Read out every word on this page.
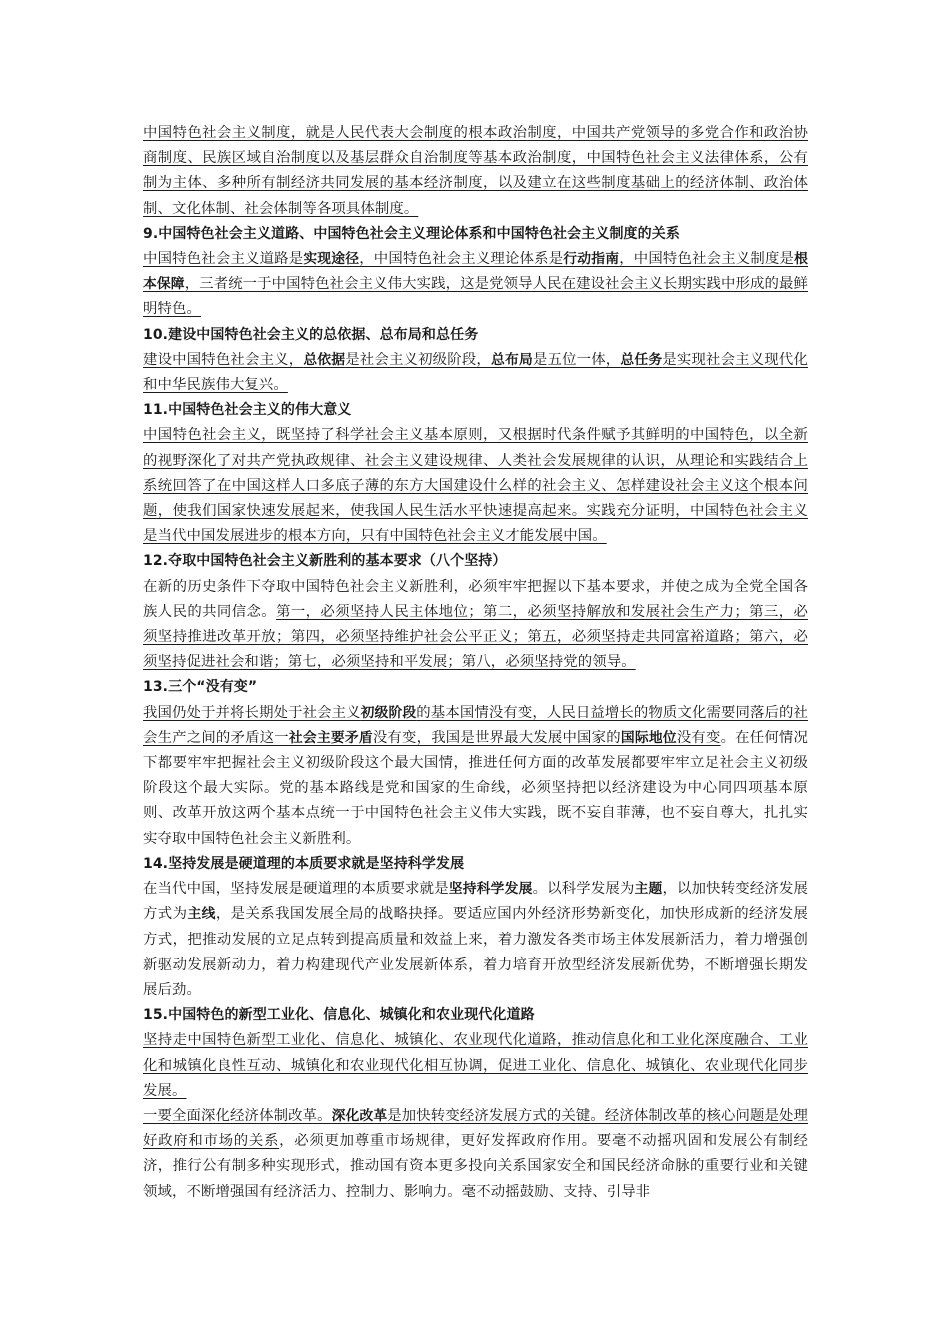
中国特色社会主义制度，就是人民代表大会制度的根本政治制度，中国共产党领导的多党合作和政治协商制度、民族区域自治制度以及基层群众自治制度等基本政治制度，中国特色社会主义法律体系，公有制为主体、多种所有制经济共同发展的基本经济制度，以及建立在这些制度基础上的经济体制、政治体制、文化体制、社会体制等各项具体制度。

9.中国特色社会主义道路、中国特色社会主义理论体系和中国特色社会主义制度的关系

中国特色社会主义道路是实现途径，中国特色社会主义理论体系是行动指南，中国特色社会主义制度是根本保障，三者统一于中国特色社会主义伟大实践，这是党领导人民在建设社会主义长期实践中形成的最鲜明特色。

10.建设中国特色社会主义的总依据、总布局和总任务

建设中国特色社会主义，总依据是社会主义初级阶段，总布局是五位一体，总任务是实现社会主义现代化和中华民族伟大复兴。

11.中国特色社会主义的伟大意义

中国特色社会主义，既坚持了科学社会主义基本原则，又根据时代条件赋予其鲜明的中国特色，以全新的视野深化了对共产党执政规律、社会主义建设规律、人类社会发展规律的认识，从理论和实践结合上系统回答了在中国这样人口多底子薄的东方大国建设什么样的社会主义、怎样建设社会主义这个根本问题，使我们国家快速发展起来，使我国人民生活水平快速提高起来。实践充分证明，中国特色社会主义是当代中国发展进步的根本方向，只有中国特色社会主义才能发展中国。

12.夺取中国特色社会主义新胜利的基本要求（八个坚持）

在新的历史条件下夺取中国特色社会主义新胜利，必须牢牢把握以下基本要求，并使之成为全党全国各族人民的共同信念。第一，必须坚持人民主体地位；第二，必须坚持解放和发展社会生产力；第三，必须坚持推进改革开放；第四，必须坚持维护社会公平正义；第五，必须坚持走共同富裕道路；第六，必须坚持促进社会和谐；第七，必须坚持和平发展；第八，必须坚持党的领导。

13.三个“没有变”

我国仍处于并将长期处于社会主义初级阶段的基本国情没有变，人民日益增长的物质文化需要同落后的社会生产之间的矛盾这一社会主要矛盾没有变，我国是世界最大发展中国家的国际地位没有变。在任何情况下都要牢牢把握社会主义初级阶段这个最大国情，推进任何方面的改革发展都要牢牢立足社会主义初级阶段这个最大实际。党的基本路线是党和国家的生命线，必须坚持把以经济建设为中心同四项基本原则、改革开放这两个基本点统一于中国特色社会主义伟大实践，既不妄自菲薄，也不妄自尊大，扎扎实实夺取中国特色社会主义新胜利。

14.坚持发展是硬道理的本质要求就是坚持科学发展

在当代中国，坚持发展是硬道理的本质要求就是坚持科学发展。以科学发展为主题，以加快转变经济发展方式为主线，是关系我国发展全局的战略抉择。要适应国内外经济形势新变化，加快形成新的经济发展方式，把推动发展的立足点转到提高质量和效益上来，着力激发各类市场主体发展新活力，着力增强创新驱动发展新动力，着力构建现代产业发展新体系，着力培育开放型经济发展新优势，不断增强长期发展后劲。

15.中国特色的新型工业化、信息化、城镇化和农业现代化道路

坚持走中国特色新型工业化、信息化、城镇化、农业现代化道路，推动信息化和工业化深度融合、工业化和城镇化良性互动、城镇化和农业现代化相互协调，促进工业化、信息化、城镇化、农业现代化同步发展。

一要全面深化经济体制改革。深化改革是加快转变经济发展方式的关键。经济体制改革的核心问题是处理好政府和市场的关系，必须更加尊重市场规律，更好发挥政府作用。要毫不动摇巩固和发展公有制经济，推行公有制多种实现形式，推动国有资本更多投向关系国家安全和国民经济命脉的重要行业和关键领域，不断增强国有经济活力、控制力、影响力。毫不动摇鼓励、支持、引导非
